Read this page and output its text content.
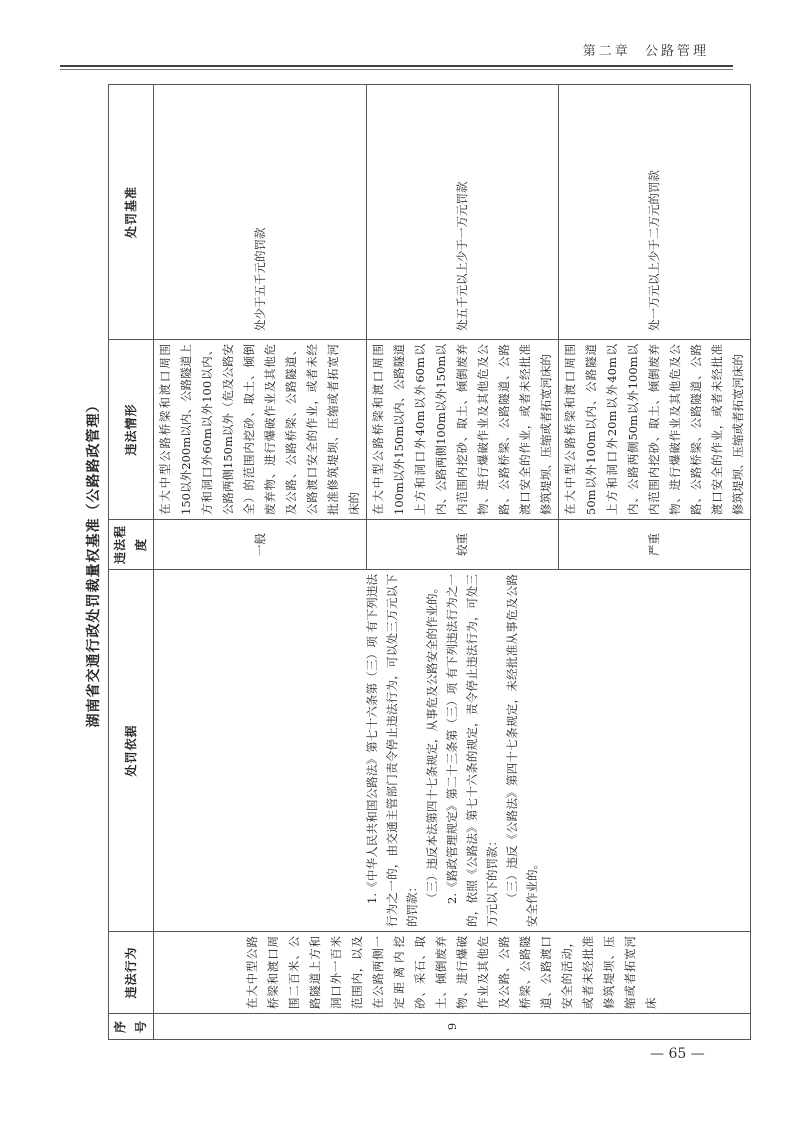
第二章 公路管理
湖南省交通行政处罚裁量权基准（公路路政管理）
序号	违法行为	处罚依据	违法程度	违法情形	处罚基准
9	在大中型公路桥梁和渡口周围二百米、公路隧道上方和洞口外一百米范围内，以及在公路两侧一定距离内挖砂、采石、取土、倾倒废弃物、进行爆破作业及其他危及公路、公路桥梁、公路隧道、公路渡口安全的活动，或者未经批准修筑堤坝、压缩或者拓宽河床	1.《中华人民共和国公路法》第七十六条第（三）项 有下列违法行为之一的，由交通主管部门责令停止违法行为，可以处三万元以下的罚款： （三）违反本法第四十七条规定，从事危及公路安全的作业的。 2.《路政管理规定》第二十三条第（三）项 有下列违法行为之一的，依照《公路法》第七十六条的规定，责令停止违法行为，可处三万元以下的罚款： （三）违反《公路法》第四十七条规定，未经批准从事危及公路安全作业的。	一般	在大中型公路桥梁和渡口周围150以外200m以内、公路隧道上方和洞口外60m以外100以内、公路两侧150m以外（危及公路安全）的范围内挖砂、取土、倾倒废弃物、进行爆破作业及其他危及公路、公路桥梁、公路隧道、公路渡口安全的作业，或者未经批准修筑堤坝、压缩或者拓宽河床的	处少于五千元的罚款
			较重	在大中型公路桥梁和渡口周围100m以外150m以内、公路隧道上方和洞口外40m以外60m以内、公路两侧100m以外150m以内范围内挖砂、取土、倾倒废弃物、进行爆破作业及其他危及公路、公路桥梁、公路隧道、公路渡口安全的作业，或者未经批准修筑堤坝、压缩或者拓宽河床的	处五千元以上少于一万元罚款
			严重	在大中型公路桥梁和渡口周围50m以外100m以内、公路隧道上方和洞口外20m以外40m以内、公路两侧50m以外100m以内范围内挖砂、取土、倾倒废弃物、进行爆破作业及其他危及公路、公路桥梁、公路隧道、公路渡口安全的作业，或者未经批准修筑堤坝、压缩或者拓宽河床的	处一万元以上少于二万元的罚款
— 65 —
